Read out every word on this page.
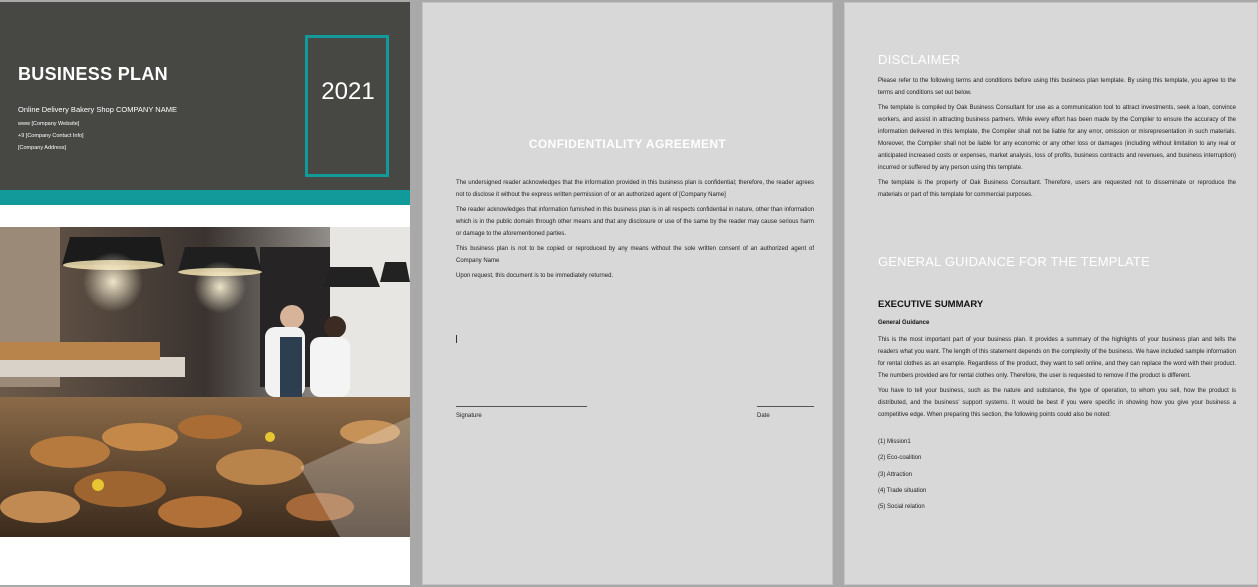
BUSINESS PLAN
Online Delivery Bakery Shop COMPANY NAME
www [Company Website]
+9 [Company Contact Info]
[Company Address]
2021
CONFIDENTIALITY AGREEMENT

The undersigned reader acknowledges that the information provided in this business plan is confidential; therefore, the reader agrees not to disclose it without the express written permission of or an authorized agent of [Company Name]

The reader acknowledges that information furnished in this business plan is in all respects confidential in nature, other than information which is in the public domain through other means and that any disclosure or use of the same by the reader may cause serious harm or damage to the aforementioned parties.

This business plan is not to be copied or reproduced by any means without the sole written consent of an authorized agent of Company Name

Upon request, this document is to be immediately returned.

Signature	Date
DISCLAIMER

Please refer to the following terms and conditions before using this business plan template. By using this template, you agree to the terms and conditions set out below.

The template is compiled by Oak Business Consultant for use as a communication tool to attract investments, seek a loan, convince workers, and assist in attracting business partners. While every effort has been made by the Compiler to ensure the accuracy of the information delivered in this template, the Compiler shall not be liable for any error, omission or misrepresentation in such materials. Moreover, the Compiler shall not be liable for any economic or any other loss or damages (including without limitation to any real or anticipated increased costs or expenses, market analysis, loss of profits, business contracts and revenues, and business interruption) incurred or suffered by any person using this template.

The template is the property of Oak Business Consultant. Therefore, users are requested not to disseminate or reproduce the materials or part of this template for commercial purposes.

GENERAL GUIDANCE FOR THE TEMPLATE
EXECUTIVE SUMMARY
General Guidance

This is the most important part of your business plan. It provides a summary of the highlights of your business plan and tells the readers what you want. The length of this statement depends on the complexity of the business. We have included sample information for rental clothes as an example. Regardless of the product, they want to sell online, and they can replace the word with their product. The numbers provided are for rental clothes only. Therefore, the user is requested to remove if the product is different.

You have to tell your business, such as the nature and substance, the type of operation, to whom you sell, how the product is distributed, and the business' support systems. It would be best if you were specific in showing how you give your business a competitive edge. When preparing this section, the following points could also be noted:

(1) Mission1
(2) Eco-coalition
(3) Attraction
(4) Trade situation
(5) Social relation
